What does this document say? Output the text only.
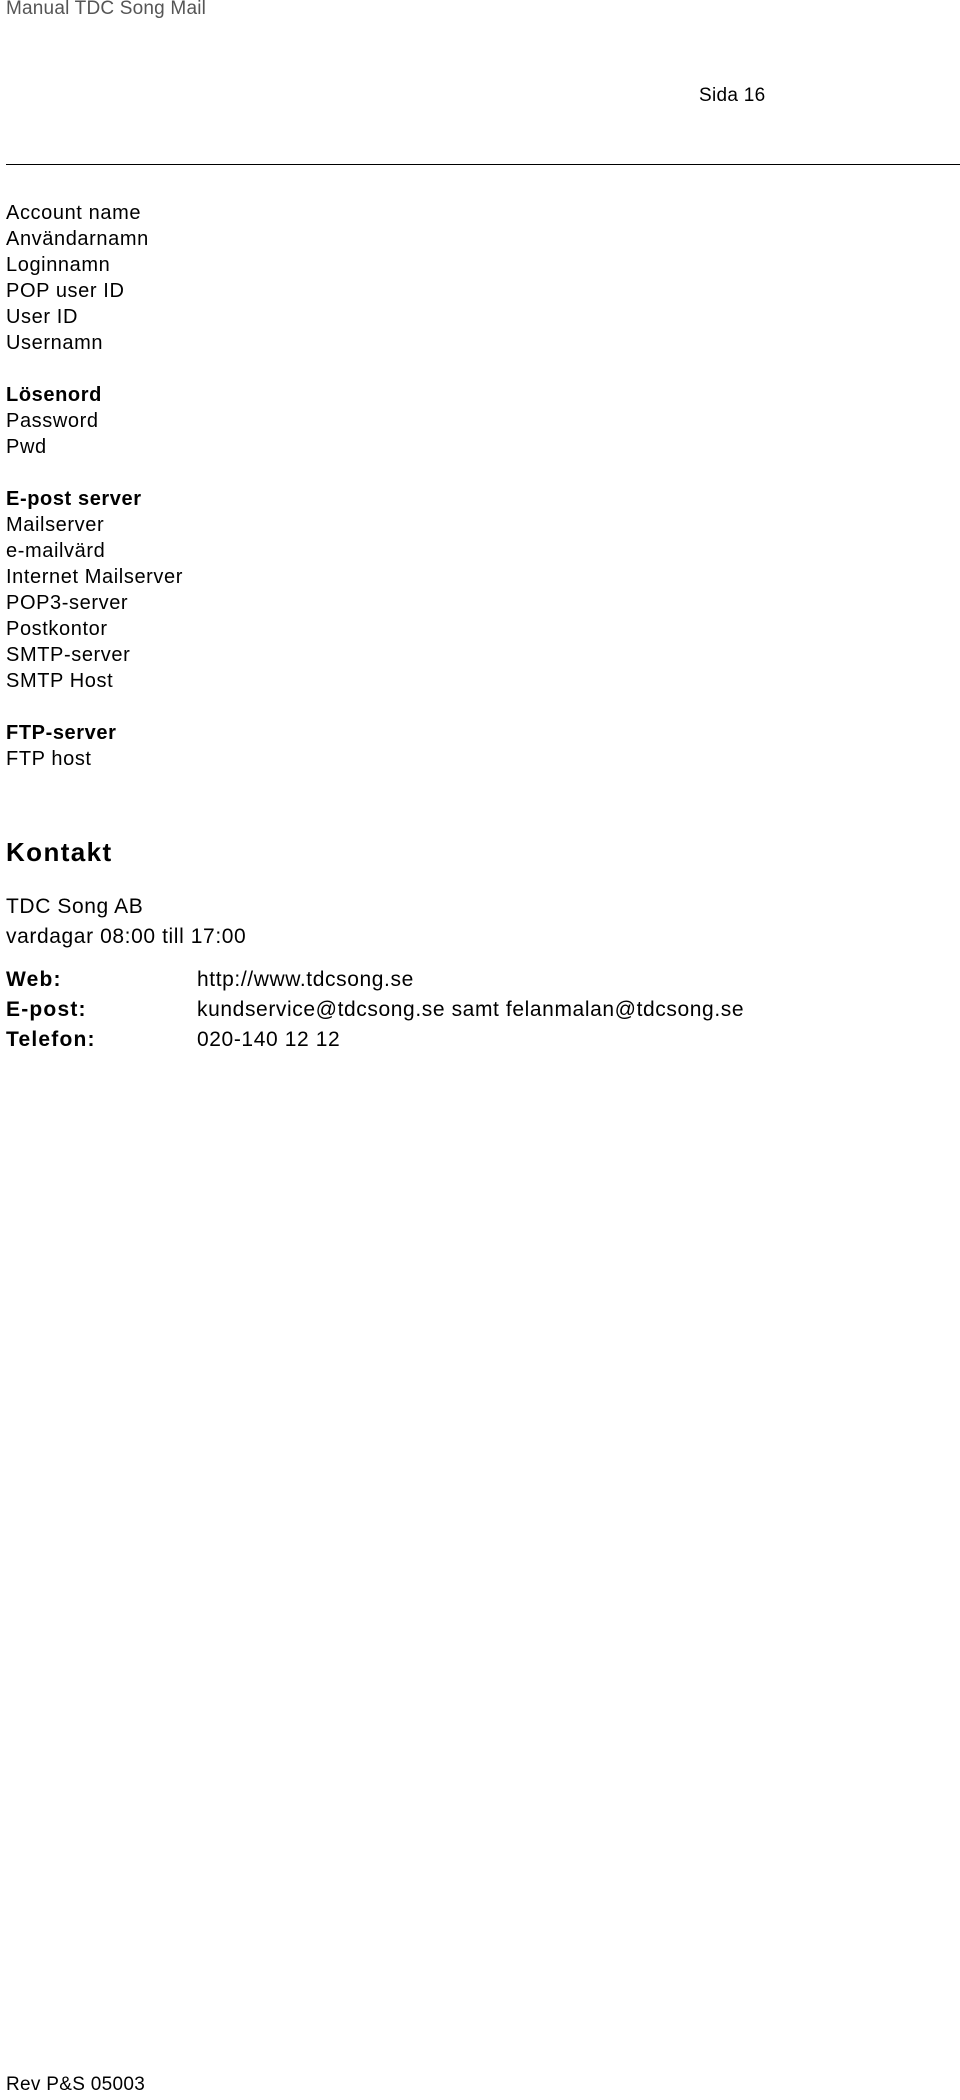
Manual TDC Song Mail
Sida 16
Account name
Användarnamn
Loginnamn
POP user ID
User ID
Usernamn
Lösenord
Password
Pwd
E-post server
Mailserver
e-mailvärd
Internet Mailserver
POP3-server
Postkontor
SMTP-server
SMTP Host
FTP-server
FTP host
Kontakt
TDC Song AB
vardagar 08:00 till 17:00
Web:	http://www.tdcsong.se
E-post:	kundservice@tdcsong.se samt felanmalan@tdcsong.se
Telefon:	020-140 12 12
Rev P&S 05003
